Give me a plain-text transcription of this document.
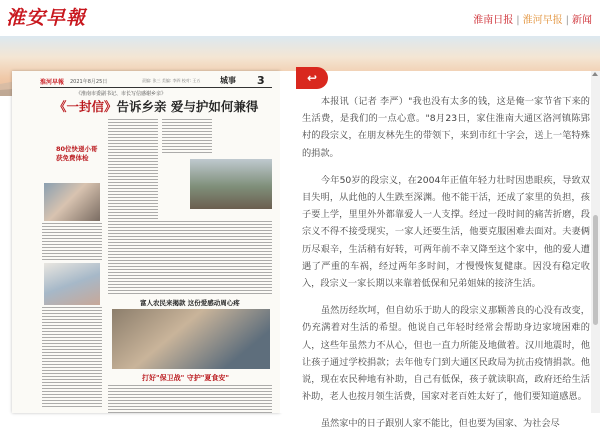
淮安早報	淮南日报 | 淮河早报 | 新闻
淮河早報 2021年8月25日	责编: 张三 美编: 李四 校对: 王五 城事 3
《淮南市委副书记、市长写信感谢乡亲》
《一封信》告诉乡亲 爱与护如何兼得
80位快递小哥获免费体检
富人农民来揭款 这份爱感动周心疼
打好"保卫战" 守护"夏食安"
↩

本报讯（记者 李严）"我也没有太多的钱，这是俺一家节省下来的生活费，是我们的一点心意。"8月23日，家住淮南大通区洛河镇陈郢村的段宗义，在朋友林先生的带领下，来到市红十字会，送上一笔特殊的捐款。

今年50岁的段宗义，在2004年正值年轻力壮时因患眼疾，导致双目失明，从此他的人生跌至深渊。他不能干活，还成了家里的负担，孩子要上学，里里外外都靠爱人一人支撑。经过一段时间的痛苦折磨，段宗义不得不接受现实，一家人还要生活，他要克服困难去面对。夫妻俩历尽艰辛，生活稍有好转，可两年前不幸又降至这个家中，他的爱人遭遇了严重的车祸，经过两年多时间，才慢慢恢复健康。因没有稳定收入，段宗义一家长期以来靠着低保和兄弟姐妹的接济生活。

虽然历经坎坷，但自幼乐于助人的段宗义那颗善良的心没有改变，仍充满着对生活的希望。他说自己年轻时经常会帮助身边家境困难的人，这些年虽然力不从心，但也一直力所能及地做着。汉川地震时，他让孩子通过学校捐款；去年他专门到大通区民政局为抗击疫情捐款。他说，现在农民种地有补助，自己有低保，孩子就读职高，政府还给生活补助，老人也按月领生活费，国家对老百姓太好了，他们要知道感恩。

虽然家中的日子跟别人家不能比，但也要为国家、为社会尽
